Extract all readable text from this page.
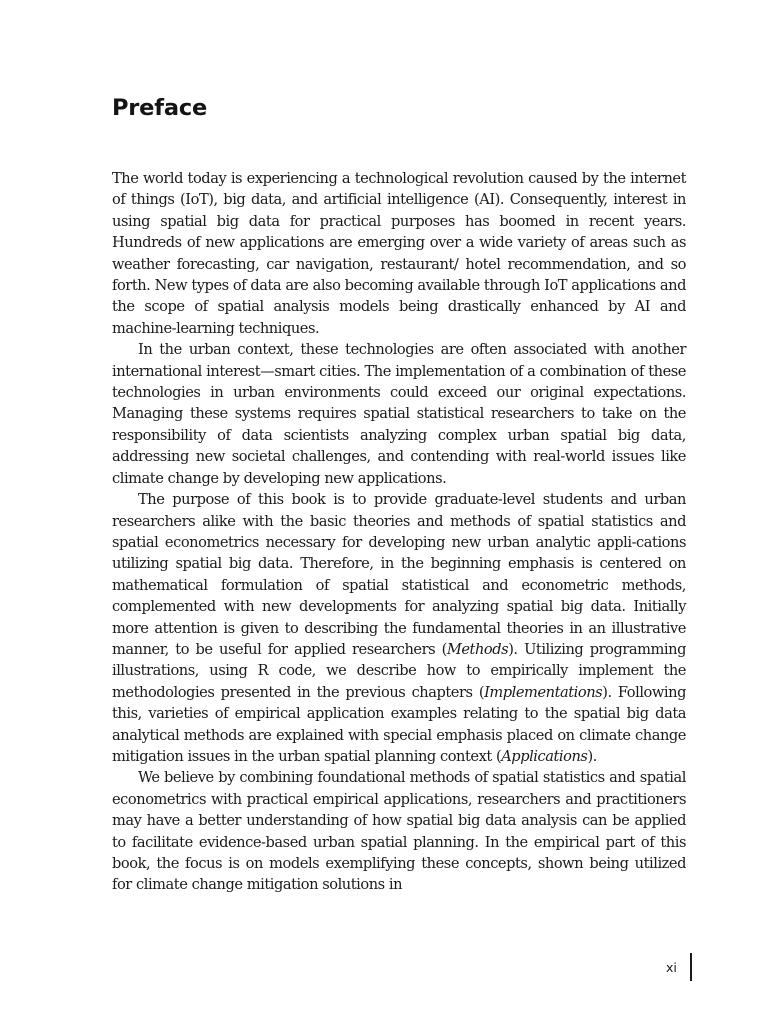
Preface

The world today is experiencing a technological revolution caused by the internet of things (IoT), big data, and artificial intelligence (AI). Consequently, interest in using spatial big data for practical purposes has boomed in recent years. Hundreds of new applications are emerging over a wide variety of areas such as weather forecasting, car navigation, restaurant/ hotel recommendation, and so forth. New types of data are also becoming available through IoT applications and the scope of spatial analysis models being drastically enhanced by AI and machine-learning techniques.

In the urban context, these technologies are often associated with another international interest—smart cities. The implementation of a combination of these technologies in urban environments could exceed our original expectations. Managing these systems requires spatial statistical researchers to take on the responsibility of data scientists analyzing complex urban spatial big data, addressing new societal challenges, and contending with real-world issues like climate change by developing new applications.

The purpose of this book is to provide graduate-level students and urban researchers alike with the basic theories and methods of spatial statistics and spatial econometrics necessary for developing new urban analytic appli-cations utilizing spatial big data. Therefore, in the beginning emphasis is centered on mathematical formulation of spatial statistical and econometric methods, complemented with new developments for analyzing spatial big data. Initially more attention is given to describing the fundamental theories in an illustrative manner, to be useful for applied researchers (Methods). Utilizing programming illustrations, using R code, we describe how to empirically implement the methodologies presented in the previous chapters (Implementations). Following this, varieties of empirical application examples relating to the spatial big data analytical methods are explained with special emphasis placed on climate change mitigation issues in the urban spatial planning context (Applications).

We believe by combining foundational methods of spatial statistics and spatial econometrics with practical empirical applications, researchers and practitioners may have a better understanding of how spatial big data analysis can be applied to facilitate evidence-based urban spatial planning. In the empirical part of this book, the focus is on models exemplifying these concepts, shown being utilized for climate change mitigation solutions in

xi
